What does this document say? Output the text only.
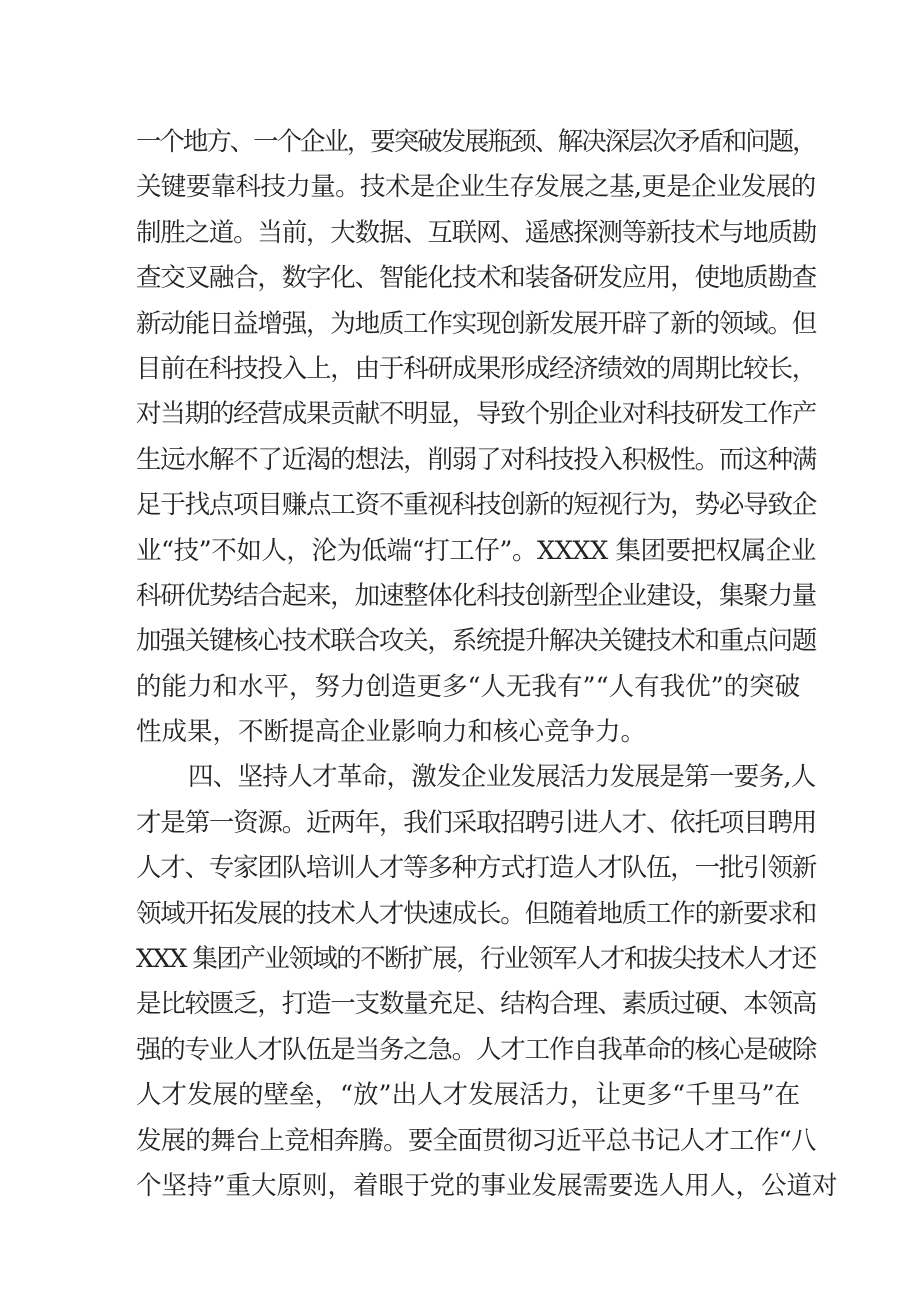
一个地方、一个企业，要突破发展瓶颈、解决深层次矛盾和问题，
关键要靠科技力量。技术是企业生存发展之基,更是企业发展的
制胜之道。当前，大数据、互联网、遥感探测等新技术与地质勘
查交叉融合，数字化、智能化技术和装备研发应用，使地质勘查
新动能日益增强，为地质工作实现创新发展开辟了新的领域。但
目前在科技投入上，由于科研成果形成经济绩效的周期比较长，
对当期的经营成果贡献不明显，导致个别企业对科技研发工作产
生远水解不了近渴的想法，削弱了对科技投入积极性。而这种满
足于找点项目赚点工资不重视科技创新的短视行为，势必导致企
业“技”不如人，沦为低端“打工仔”。XXXX 集团要把权属企业
科研优势结合起来，加速整体化科技创新型企业建设，集聚力量
加强关键核心技术联合攻关，系统提升解决关键技术和重点问题
的能力和水平，努力创造更多“人无我有”“人有我优”的突破
性成果，不断提高企业影响力和核心竞争力。
四、坚持人才革命，激发企业发展活力发展是第一要务,人
才是第一资源。近两年，我们采取招聘引进人才、依托项目聘用
人才、专家团队培训人才等多种方式打造人才队伍，一批引领新
领域开拓发展的技术人才快速成长。但随着地质工作的新要求和
XXX 集团产业领域的不断扩展，行业领军人才和拔尖技术人才还
是比较匮乏，打造一支数量充足、结构合理、素质过硬、本领高
强的专业人才队伍是当务之急。人才工作自我革命的核心是破除
人才发展的壁垒，“放”出人才发展活力，让更多“千里马”在
发展的舞台上竞相奔腾。要全面贯彻习近平总书记人才工作“八
个坚持”重大原则，着眼于党的事业发展需要选人用人，公道对
